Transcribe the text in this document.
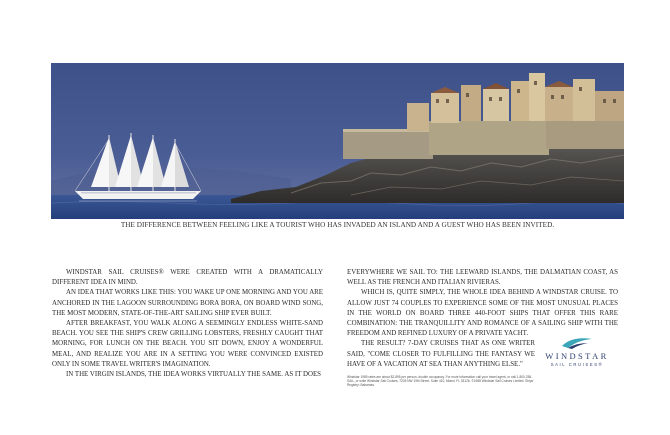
THE DIFFERENCE BETWEEN FEELING LIKE A TOURIST WHO HAS INVADED AN ISLAND AND A GUEST WHO HAS BEEN INVITED.

WINDSTAR SAIL CRUISES® WERE CREATED WITH A DRAMATICALLY DIFFERENT IDEA IN MIND.

AN IDEA THAT WORKS LIKE THIS: YOU WAKE UP ONE MORNING AND YOU ARE ANCHORED IN THE LAGOON SURROUNDING BORA BORA, ON BOARD WIND SONG, THE MOST MODERN, STATE-OF-THE-ART SAILING SHIP EVER BUILT.

AFTER BREAKFAST, YOU WALK ALONG A SEEMINGLY ENDLESS WHITE-SAND BEACH. YOU SEE THE SHIP'S CREW GRILLING LOBSTERS, FRESHLY CAUGHT THAT MORNING, FOR LUNCH ON THE BEACH. YOU SIT DOWN, ENJOY A WONDERFUL MEAL, AND REALIZE YOU ARE IN A SETTING YOU WERE CONVINCED EXISTED ONLY IN SOME TRAVEL WRITER'S IMAGINATION.

IN THE VIRGIN ISLANDS, THE IDEA WORKS VIRTUALLY THE SAME. AS IT DOES

EVERYWHERE WE SAIL TO: THE LEEWARD ISLANDS, THE DALMATIAN COAST, AS WELL AS THE FRENCH AND ITALIAN RIVIERAS.

WHICH IS, QUITE SIMPLY, THE WHOLE IDEA BEHIND A WINDSTAR CRUISE. TO ALLOW JUST 74 COUPLES TO EXPERIENCE SOME OF THE MOST UNUSUAL PLACES IN THE WORLD ON BOARD THREE 440-FOOT SHIPS THAT OFFER THIS RARE COMBINATION: THE TRANQUILLITY AND ROMANCE OF A SAILING SHIP WITH THE FREEDOM AND REFINED LUXURY OF A PRIVATE YACHT.

THE RESULT? 7-DAY CRUISES THAT AS ONE WRITER SAID, "COME CLOSER TO FULFILLING THE FANTASY WE HAVE OF A VACATION AT SEA THAN ANYTHING ELSE."

Windstar 1989 rates are about $2,895 per person, double occupancy. For more information call your travel agent, or call 1-800-258-SAIL, or write Windstar Sail Cruises, 7205 NW 19th Street, Suite 410, Miami, FL 33126. ©1988 Windstar Sail Cruises Limited. Ships' Registry: Bahamas.
WINDSTAR
SAIL CRUISES®
